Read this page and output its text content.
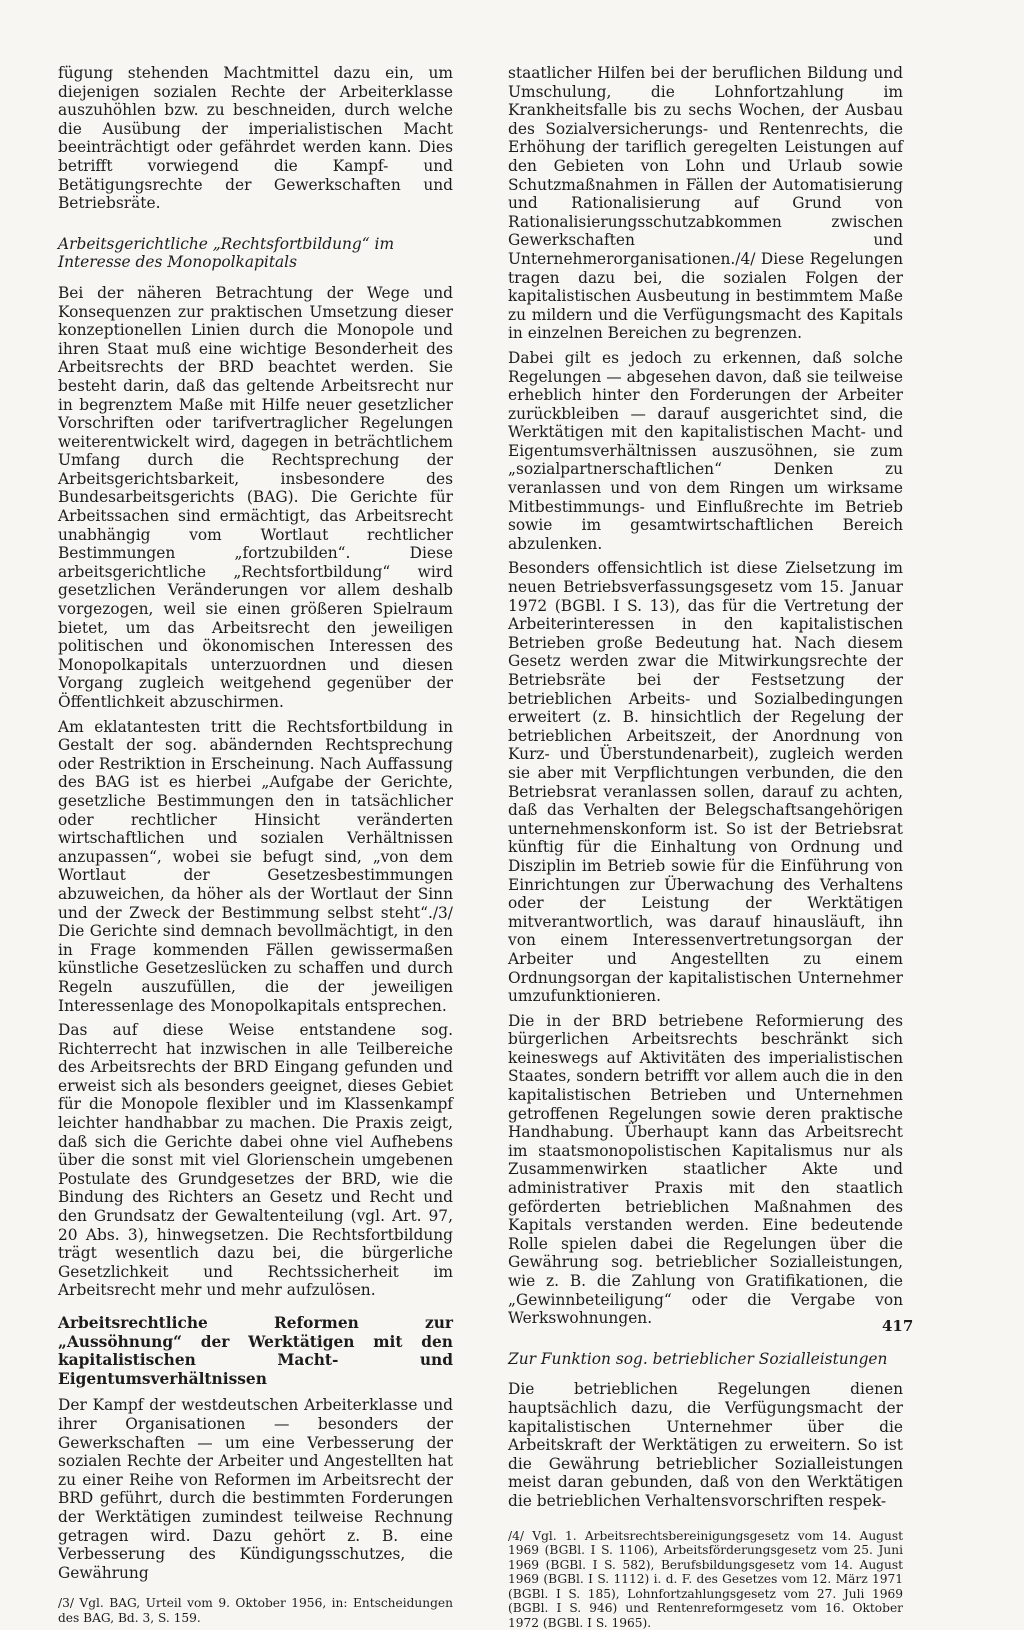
fügung stehenden Machtmittel dazu ein, um diejenigen sozialen Rechte der Arbeiterklasse auszuhöhlen bzw. zu beschneiden, durch welche die Ausübung der imperialistischen Macht beeinträchtigt oder gefährdet werden kann. Dies betrifft vorwiegend die Kampf- und Betätigungsrechte der Gewerkschaften und Betriebsräte.

Arbeitsgerichtliche „Rechtsfortbildung“ im Interesse des Monopolkapitals

Bei der näheren Betrachtung der Wege und Konsequenzen zur praktischen Umsetzung dieser konzeptionellen Linien durch die Monopole und ihren Staat muß eine wichtige Besonderheit des Arbeitsrechts der BRD beachtet werden. Sie besteht darin, daß das geltende Arbeitsrecht nur in begrenztem Maße mit Hilfe neuer gesetzlicher Vorschriften oder tarifvertraglicher Regelungen weiterentwickelt wird, dagegen in beträchtlichem Umfang durch die Rechtsprechung der Arbeitsgerichtsbarkeit, insbesondere des Bundesarbeitsgerichts (BAG). Die Gerichte für Arbeitssachen sind ermächtigt, das Arbeitsrecht unabhängig vom Wortlaut rechtlicher Bestimmungen „fortzubilden“. Diese arbeitsgerichtliche „Rechtsfortbildung“ wird gesetzlichen Veränderungen vor allem deshalb vorgezogen, weil sie einen größeren Spielraum bietet, um das Arbeitsrecht den jeweiligen politischen und ökonomischen Interessen des Monopolkapitals unterzuordnen und diesen Vorgang zugleich weitgehend gegenüber der Öffentlichkeit abzuschirmen.

Am eklatantesten tritt die Rechtsfortbildung in Gestalt der sog. abändernden Rechtsprechung oder Restriktion in Erscheinung. Nach Auffassung des BAG ist es hierbei „Aufgabe der Gerichte, gesetzliche Bestimmungen den in tatsächlicher oder rechtlicher Hinsicht veränderten wirtschaftlichen und sozialen Verhältnissen anzupassen“, wobei sie befugt sind, „von dem Wortlaut der Gesetzesbestimmungen abzuweichen, da höher als der Wortlaut der Sinn und der Zweck der Bestimmung selbst steht“./3/ Die Gerichte sind demnach bevollmächtigt, in den in Frage kommenden Fällen gewissermaßen künstliche Gesetzeslücken zu schaffen und durch Regeln auszufüllen, die der jeweiligen Interessenlage des Monopolkapitals entsprechen.

Das auf diese Weise entstandene sog. Richterrecht hat inzwischen in alle Teilbereiche des Arbeitsrechts der BRD Eingang gefunden und erweist sich als besonders geeignet, dieses Gebiet für die Monopole flexibler und im Klassenkampf leichter handhabbar zu machen. Die Praxis zeigt, daß sich die Gerichte dabei ohne viel Aufhebens über die sonst mit viel Glorienschein umgebenen Postulate des Grundgesetzes der BRD, wie die Bindung des Richters an Gesetz und Recht und den Grundsatz der Gewaltenteilung (vgl. Art. 97, 20 Abs. 3), hinwegsetzen. Die Rechtsfortbildung trägt wesentlich dazu bei, die bürgerliche Gesetzlichkeit und Rechtssicherheit im Arbeitsrecht mehr und mehr aufzulösen.

Arbeitsrechtliche Reformen zur „Aussöhnung“ der Werktätigen mit den kapitalistischen Macht- und Eigentumsverhältnissen

Der Kampf der westdeutschen Arbeiterklasse und ihrer Organisationen — besonders der Gewerkschaften — um eine Verbesserung der sozialen Rechte der Arbeiter und Angestellten hat zu einer Reihe von Reformen im Arbeitsrecht der BRD geführt, durch die bestimmten Forderungen der Werktätigen zumindest teilweise Rechnung getragen wird. Dazu gehört z. B. eine Verbesserung des Kündigungsschutzes, die Gewährung

/3/ Vgl. BAG, Urteil vom 9. Oktober 1956, in: Entscheidungen des BAG, Bd. 3, S. 159.

staatlicher Hilfen bei der beruflichen Bildung und Umschulung, die Lohnfortzahlung im Krankheitsfalle bis zu sechs Wochen, der Ausbau des Sozialversicherungs- und Rentenrechts, die Erhöhung der tariflich geregelten Leistungen auf den Gebieten von Lohn und Urlaub sowie Schutzmaßnahmen in Fällen der Automatisierung und Rationalisierung auf Grund von Rationalisierungsschutzabkommen zwischen Gewerkschaften und Unternehmerorganisationen./4/ Diese Regelungen tragen dazu bei, die sozialen Folgen der kapitalistischen Ausbeutung in bestimmtem Maße zu mildern und die Verfügungsmacht des Kapitals in einzelnen Bereichen zu begrenzen.

Dabei gilt es jedoch zu erkennen, daß solche Regelungen — abgesehen davon, daß sie teilweise erheblich hinter den Forderungen der Arbeiter zurückbleiben — darauf ausgerichtet sind, die Werktätigen mit den kapitalistischen Macht- und Eigentumsverhältnissen auszusöhnen, sie zum „sozialpartnerschaftlichen“ Denken zu veranlassen und von dem Ringen um wirksame Mitbestimmungs- und Einflußrechte im Betrieb sowie im gesamtwirtschaftlichen Bereich abzulenken.

Besonders offensichtlich ist diese Zielsetzung im neuen Betriebsverfassungsgesetz vom 15. Januar 1972 (BGBl. I S. 13), das für die Vertretung der Arbeiterinteressen in den kapitalistischen Betrieben große Bedeutung hat. Nach diesem Gesetz werden zwar die Mitwirkungsrechte der Betriebsräte bei der Festsetzung der betrieblichen Arbeits- und Sozialbedingungen erweitert (z. B. hinsichtlich der Regelung der betrieblichen Arbeitszeit, der Anordnung von Kurz- und Überstundenarbeit), zugleich werden sie aber mit Verpflichtungen verbunden, die den Betriebsrat veranlassen sollen, darauf zu achten, daß das Verhalten der Belegschaftsangehörigen unternehmenskonform ist. So ist der Betriebsrat künftig für die Einhaltung von Ordnung und Disziplin im Betrieb sowie für die Einführung von Einrichtungen zur Überwachung des Verhaltens oder der Leistung der Werktätigen mitverantwortlich, was darauf hinausläuft, ihn von einem Interessenvertretungsorgan der Arbeiter und Angestellten zu einem Ordnungsorgan der kapitalistischen Unternehmer umzufunktionieren.

Die in der BRD betriebene Reformierung des bürgerlichen Arbeitsrechts beschränkt sich keineswegs auf Aktivitäten des imperialistischen Staates, sondern betrifft vor allem auch die in den kapitalistischen Betrieben und Unternehmen getroffenen Regelungen sowie deren praktische Handhabung. Überhaupt kann das Arbeitsrecht im staatsmonopolistischen Kapitalismus nur als Zusammenwirken staatlicher Akte und administrativer Praxis mit den staatlich geförderten betrieblichen Maßnahmen des Kapitals verstanden werden. Eine bedeutende Rolle spielen dabei die Regelungen über die Gewährung sog. betrieblicher Sozialleistungen, wie z. B. die Zahlung von Gratifikationen, die „Gewinnbeteiligung“ oder die Vergabe von Werkswohnungen.

Zur Funktion sog. betrieblicher Sozialleistungen

Die betrieblichen Regelungen dienen hauptsächlich dazu, die Verfügungsmacht der kapitalistischen Unternehmer über die Arbeitskraft der Werktätigen zu erweitern. So ist die Gewährung betrieblicher Sozialleistungen meist daran gebunden, daß von den Werktätigen die betrieblichen Verhaltensvorschriften respek-

/4/ Vgl. 1. Arbeitsrechtsbereinigungsgesetz vom 14. August 1969 (BGBl. I S. 1106), Arbeitsförderungsgesetz vom 25. Juni 1969 (BGBl. I S. 582), Berufsbildungsgesetz vom 14. August 1969 (BGBl. I S. 1112) i. d. F. des Gesetzes vom 12. März 1971 (BGBl. I S. 185), Lohnfortzahlungsgesetz vom 27. Juli 1969 (BGBl. I S. 946) und Rentenreformgesetz vom 16. Oktober 1972 (BGBl. I S. 1965).

417
